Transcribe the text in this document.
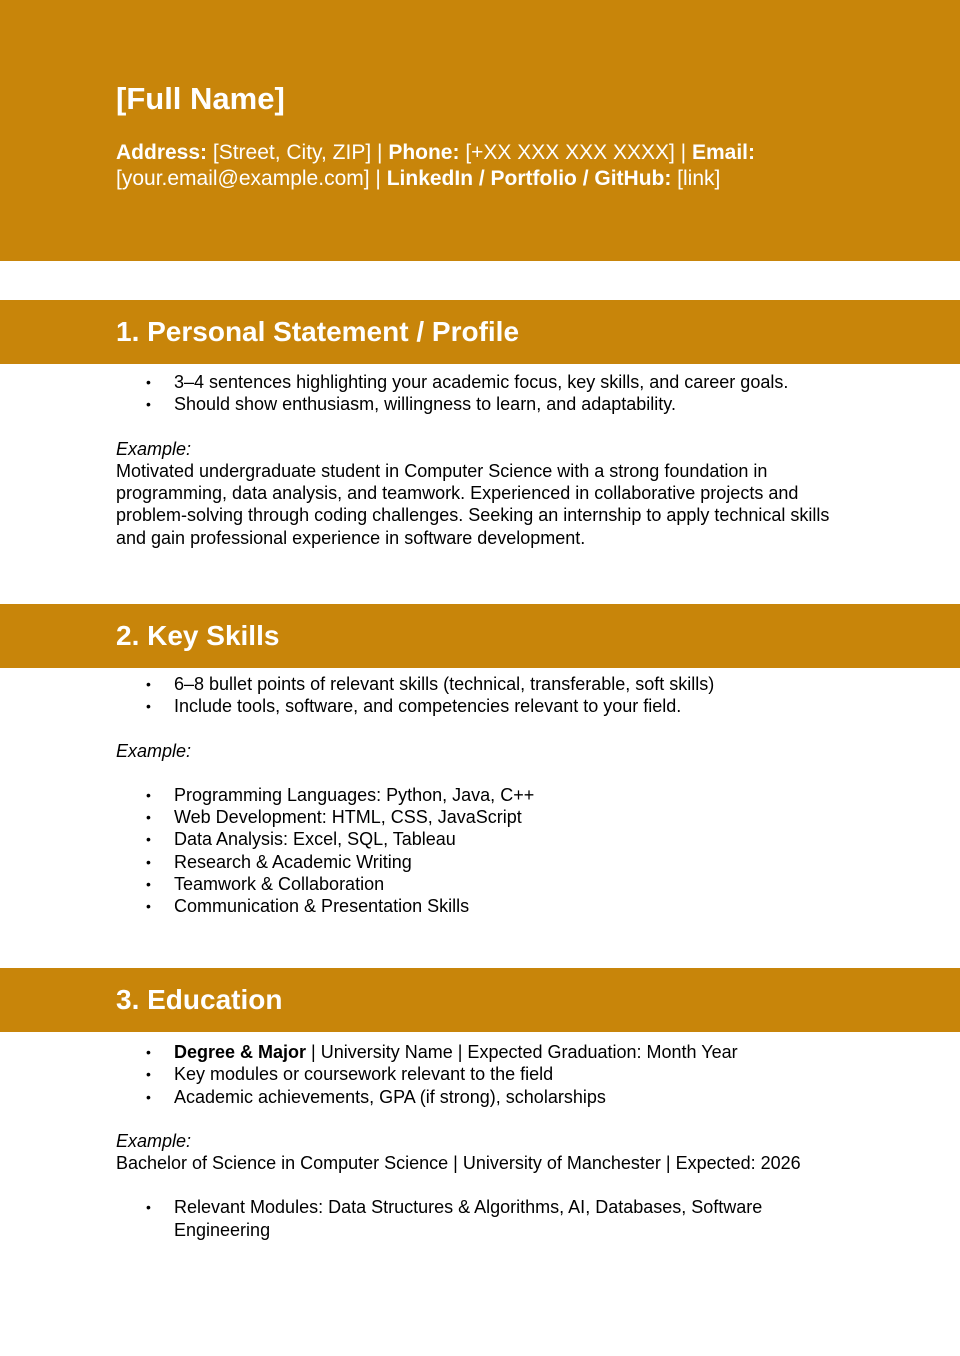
[Full Name]

Address: [Street, City, ZIP] | Phone: [+XX XXX XXX XXXX] | Email:
[your.email@example.com] | LinkedIn / Portfolio / GitHub: [link]

1. Personal Statement / Profile
• 3–4 sentences highlighting your academic focus, key skills, and career goals.
• Should show enthusiasm, willingness to learn, and adaptability.

Example:

Motivated undergraduate student in Computer Science with a strong foundation in programming, data analysis, and teamwork. Experienced in collaborative projects and problem-solving through coding challenges. Seeking an internship to apply technical skills and gain professional experience in software development.

2. Key Skills
• 6–8 bullet points of relevant skills (technical, transferable, soft skills)
• Include tools, software, and competencies relevant to your field.

Example:

• Programming Languages: Python, Java, C++
• Web Development: HTML, CSS, JavaScript
• Data Analysis: Excel, SQL, Tableau
• Research & Academic Writing
• Teamwork & Collaboration
• Communication & Presentation Skills
3. Education
• Degree & Major | University Name | Expected Graduation: Month Year
• Key modules or coursework relevant to the field
• Academic achievements, GPA (if strong), scholarships

Example:

Bachelor of Science in Computer Science | University of Manchester | Expected: 2026

• Relevant Modules: Data Structures & Algorithms, AI, Databases, Software Engineering
